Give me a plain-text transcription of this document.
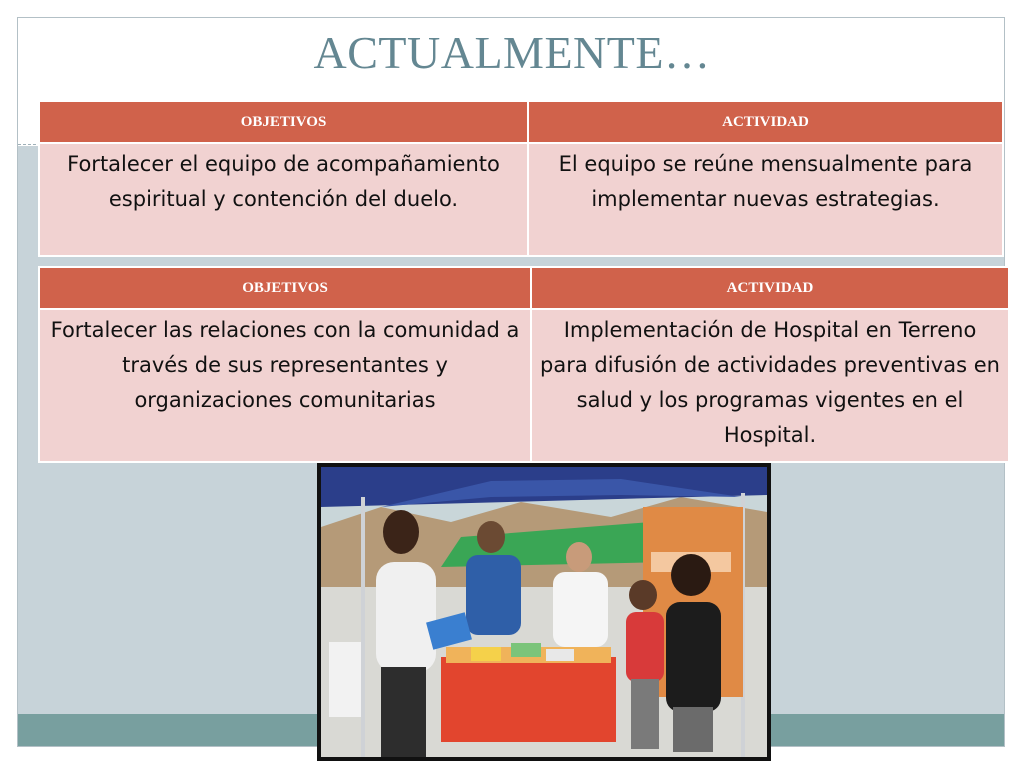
ACTUALMENTE…
OBJETIVOS	ACTIVIDAD
Fortalecer el equipo de acompañamiento espiritual y contención del duelo.	El equipo se reúne mensualmente para implementar nuevas estrategias.
OBJETIVOS	ACTIVIDAD
Fortalecer las relaciones con la comunidad a través de sus representantes y organizaciones comunitarias	Implementación de Hospital en Terreno para difusión de actividades preventivas en salud y los programas vigentes en el Hospital.
